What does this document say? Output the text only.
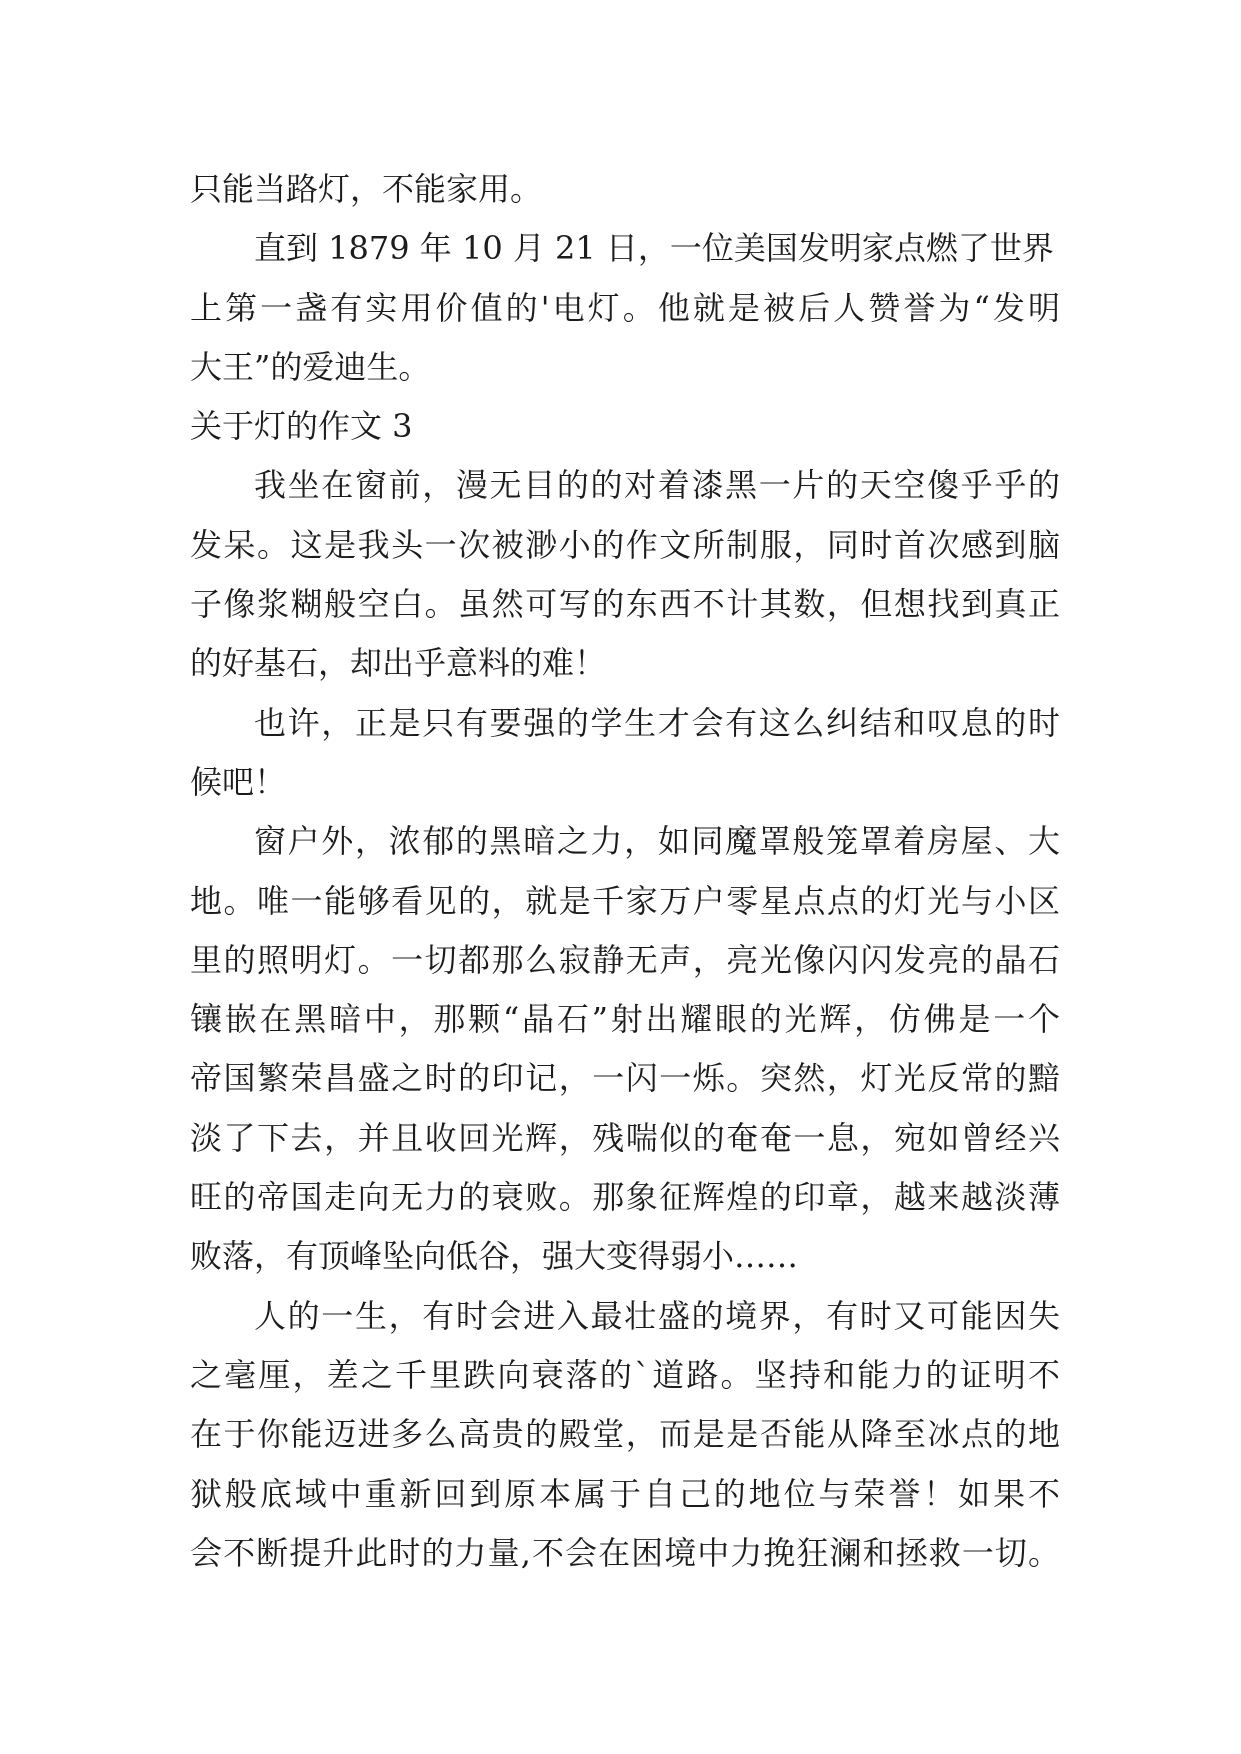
只能当路灯，不能家用。
直到 1879 年 10 月 21 日，一位美国发明家点燃了世界
上第一盏有实用价值的'电灯。他就是被后人赞誉为“发明
大王”的爱迪生。
关于灯的作文 3
我坐在窗前，漫无目的的对着漆黑一片的天空傻乎乎的
发呆。这是我头一次被渺小的作文所制服，同时首次感到脑
子像浆糊般空白。虽然可写的东西不计其数，但想找到真正
的好基石，却出乎意料的难！
也许，正是只有要强的学生才会有这么纠结和叹息的时
候吧！
窗户外，浓郁的黑暗之力，如同魔罩般笼罩着房屋、大
地。唯一能够看见的，就是千家万户零星点点的灯光与小区
里的照明灯。一切都那么寂静无声，亮光像闪闪发亮的晶石
镶嵌在黑暗中，那颗“晶石”射出耀眼的光辉，仿佛是一个
帝国繁荣昌盛之时的印记，一闪一烁。突然，灯光反常的黯
淡了下去，并且收回光辉，残喘似的奄奄一息，宛如曾经兴
旺的帝国走向无力的衰败。那象征辉煌的印章，越来越淡薄
败落，有顶峰坠向低谷，强大变得弱小……
人的一生，有时会进入最壮盛的境界，有时又可能因失
之毫厘，差之千里跌向衰落的`道路。坚持和能力的证明不
在于你能迈进多么高贵的殿堂，而是是否能从降至冰点的地
狱般底域中重新回到原本属于自己的地位与荣誉！如果不
会不断提升此时的力量,不会在困境中力挽狂澜和拯救一切。
